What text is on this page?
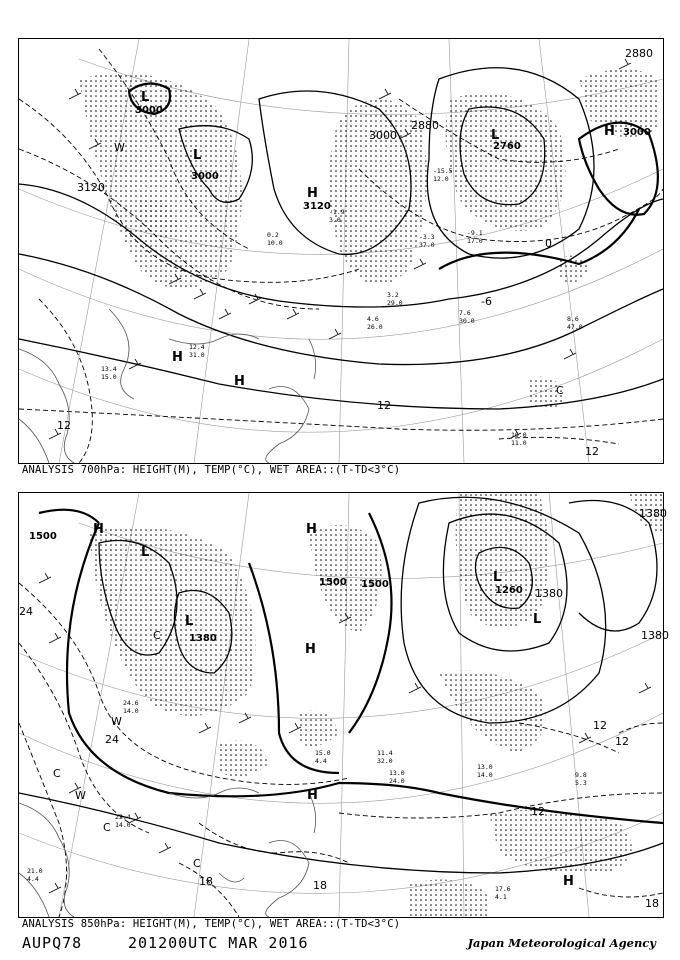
L
3000
L
3000
L
2760
H
3120
H 3000
H
H
W
C
3120
2880
2880
3000
0
-6
12
12
12
10.0
11.0
8.6
47.0
7.6
30.0
3.2
29.0
4.6
26.0
12.4
31.0
13.4
15.0
-3.3
37.0
-9.1
17.0
-1.9
3.0
-15.5
12.0
0.2
10.0
ANALYSIS 700hPa: HEIGHT(M), TEMP(°C), WET AREA::(T-TD<3°C)
1500	H	H
L
L
1380
L
1260
L
H
H
H
W
W
C
C
C
C
1500 1500
1380
1380
1380
24
24
18	18
18
12
12
12
13.0
14.0
13.0
24.0
11.4
32.0
9.8
5.3
17.6
4.1
21.0
4.4
22.4
14.0
24.6
14.0
15.0
4.4
ANALYSIS 850hPa: HEIGHT(M), TEMP(°C), WET AREA::(T-TD<3°C)
AUPQ78	201200UTC MAR 2016	Japan Meteorological Agency
